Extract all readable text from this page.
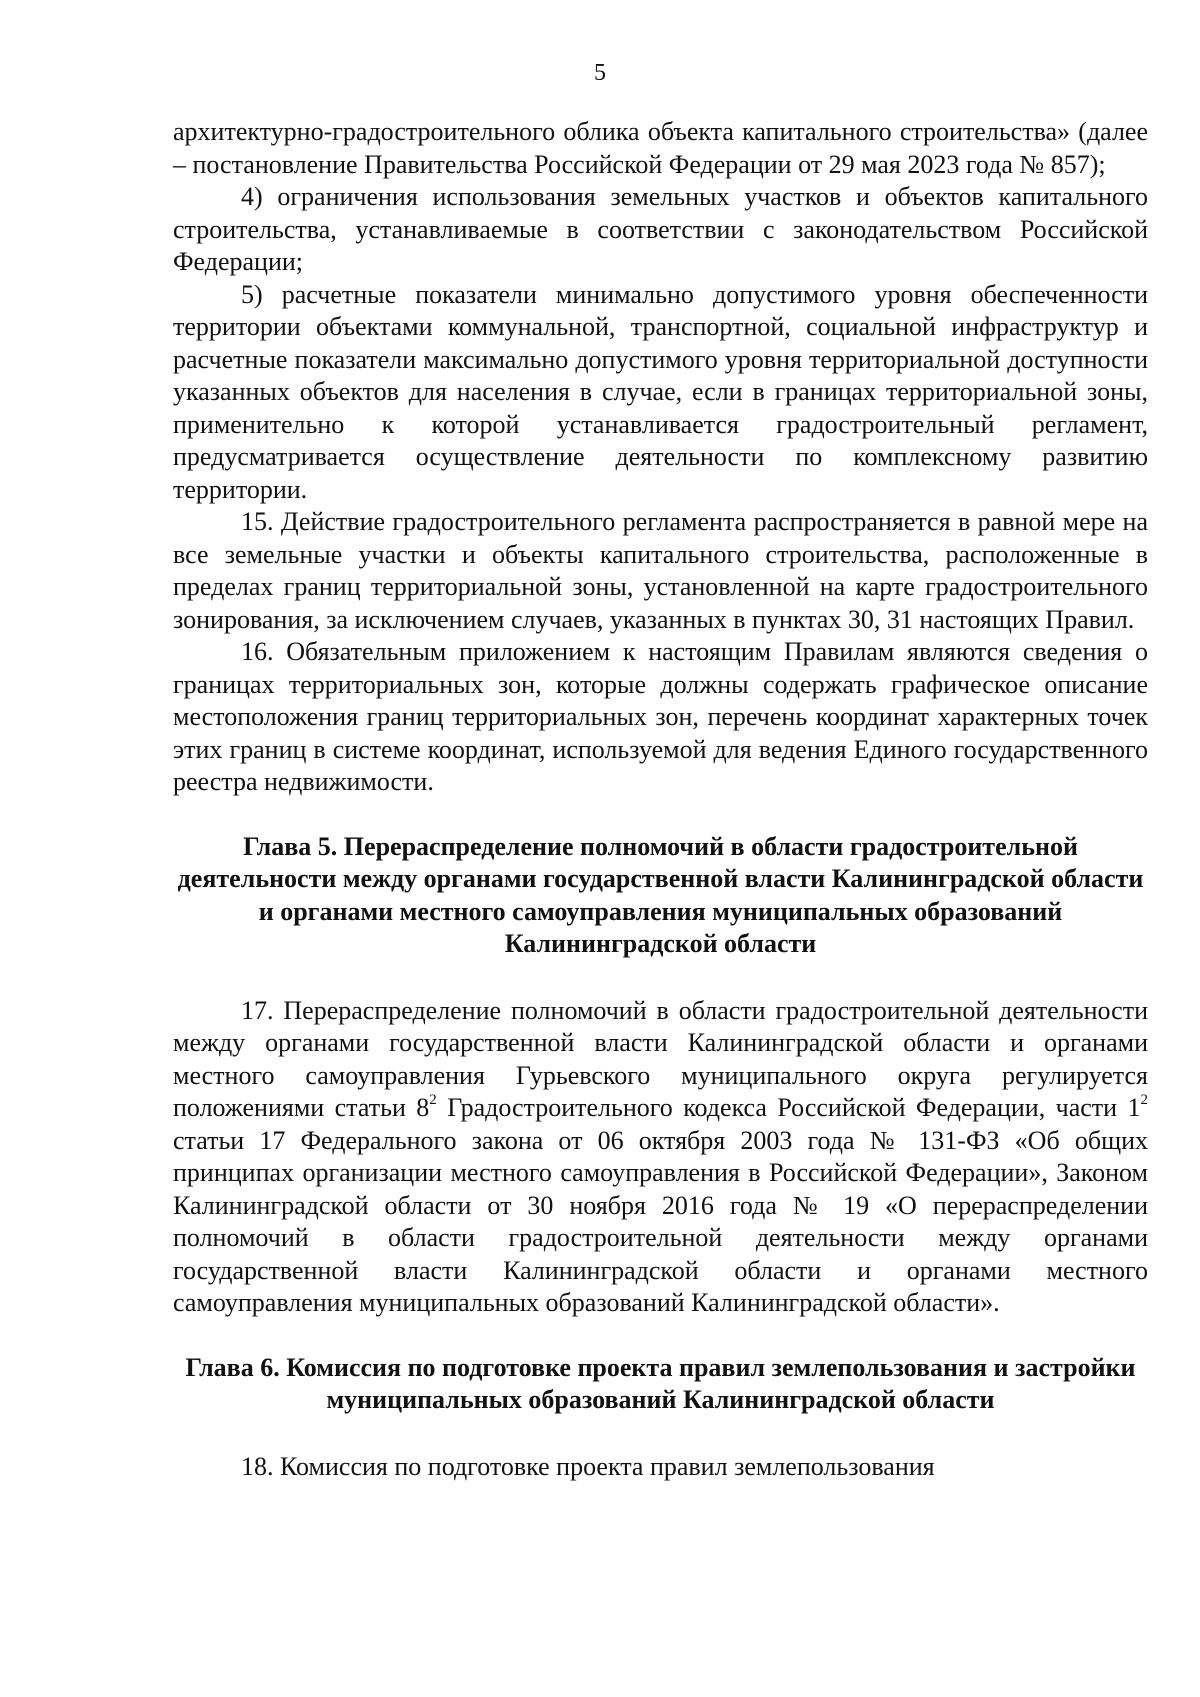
5

архитектурно-градостроительного облика объекта капитального строительства» (далее – постановление Правительства Российской Федерации от 29 мая 2023 года № 857);

4) ограничения использования земельных участков и объектов капитального строительства, устанавливаемые в соответствии с законодательством Российской Федерации;

5) расчетные показатели минимально допустимого уровня обеспеченности территории объектами коммунальной, транспортной, социальной инфраструктур и расчетные показатели максимально допустимого уровня территориальной доступности указанных объектов для населения в случае, если в границах территориальной зоны, применительно к которой устанавливается градостроительный регламент, предусматривается осуществление деятельности по комплексному развитию территории.

15. Действие градостроительного регламента распространяется в равной мере на все земельные участки и объекты капитального строительства, расположенные в пределах границ территориальной зоны, установленной на карте градостроительного зонирования, за исключением случаев, указанных в пунктах 30, 31 настоящих Правил.

16. Обязательным приложением к настоящим Правилам являются сведения о границах территориальных зон, которые должны содержать графическое описание местоположения границ территориальных зон, перечень координат характерных точек этих границ в системе координат, используемой для ведения Единого государственного реестра недвижимости.

Глава 5. Перераспределение полномочий в области градостроительной деятельности между органами государственной власти Калининградской области и органами местного самоуправления муниципальных образований Калининградской области

17. Перераспределение полномочий в области градостроительной деятельности между органами государственной власти Калининградской области и органами местного самоуправления Гурьевского муниципального округа регулируется положениями статьи $8^2$ Градостроительного кодекса Российской Федерации, части $1^2$ статьи 17 Федерального закона от 06 октября 2003 года № 131-ФЗ «Об общих принципах организации местного самоуправления в Российской Федерации», Законом Калининградской области от 30 ноября 2016 года № 19 «О перераспределении полномочий в области градостроительной деятельности между органами государственной власти Калининградской области и органами местного самоуправления муниципальных образований Калининградской области».

Глава 6. Комиссия по подготовке проекта правил землепользования и застройки муниципальных образований Калининградской области

18. Комиссия по подготовке проекта правил землепользования
